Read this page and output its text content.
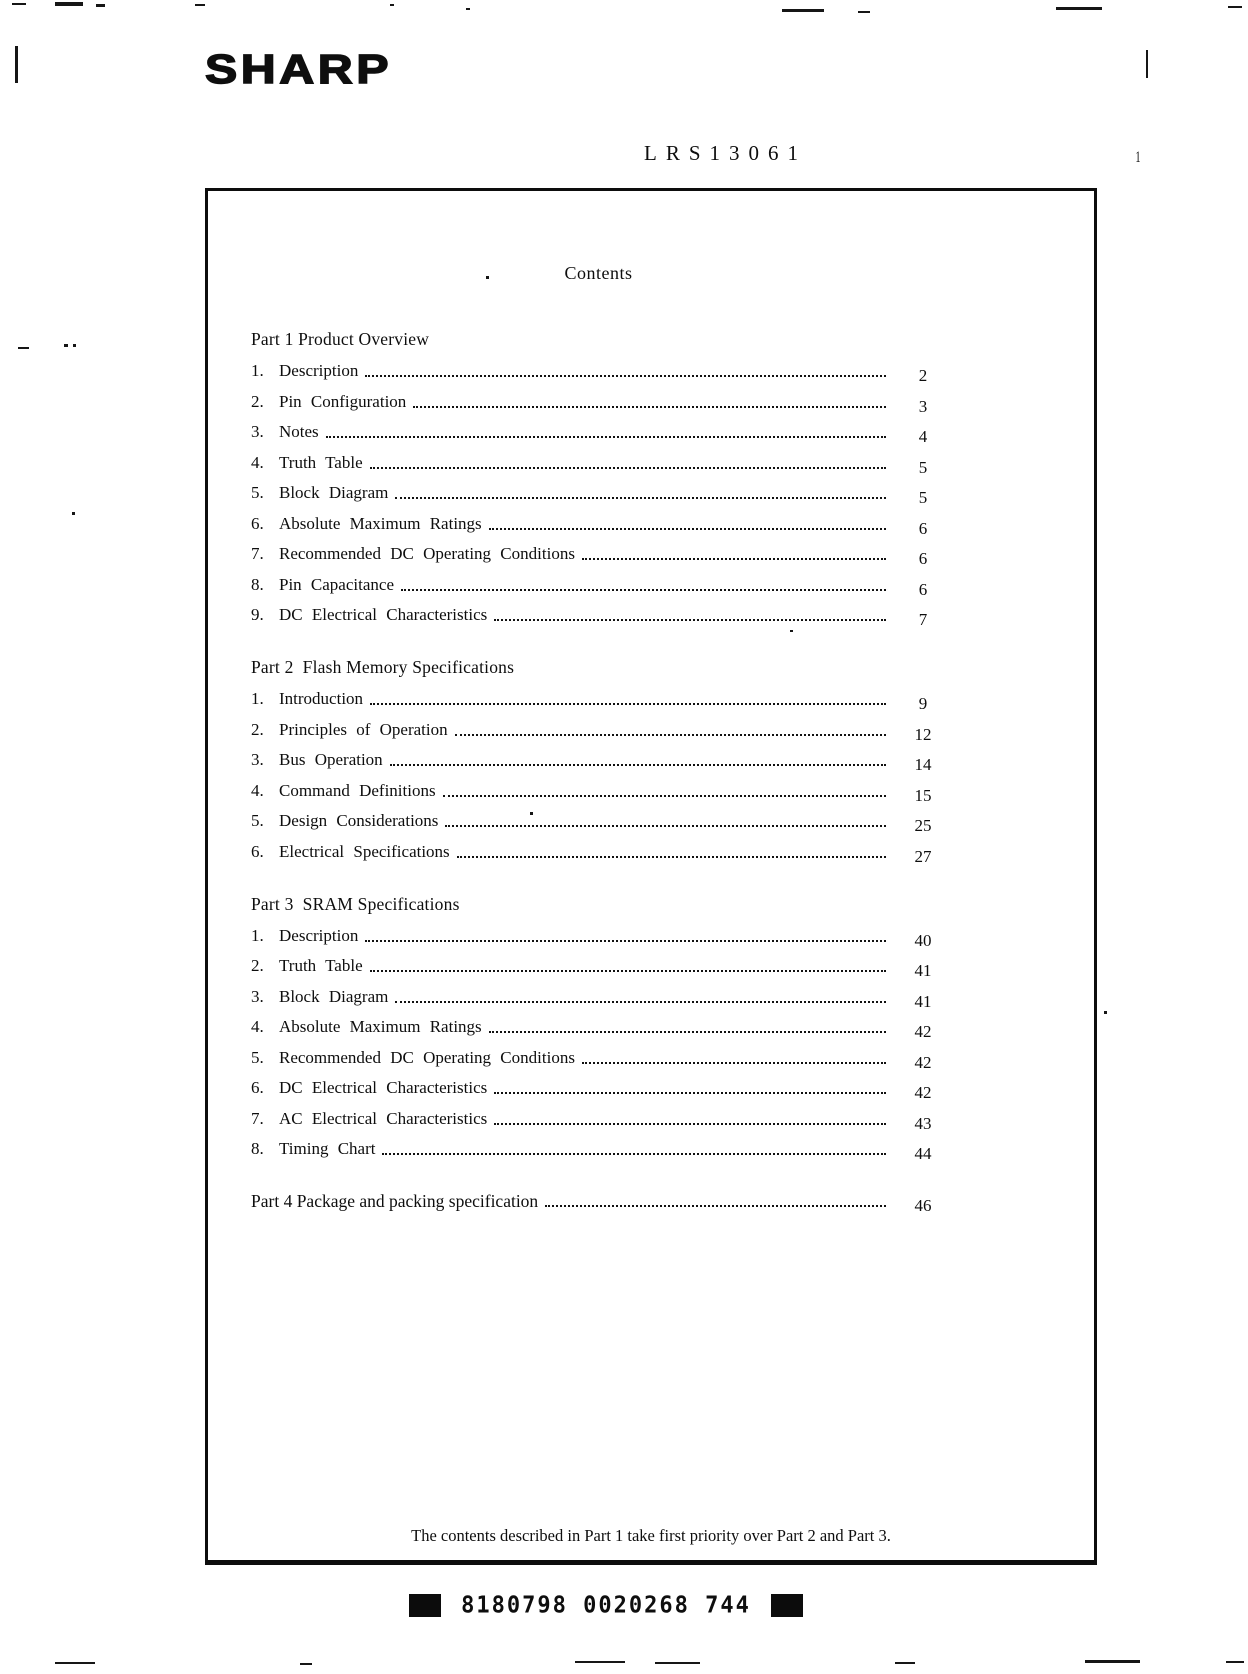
SHARP
LRS13061	1
Contents
Part 1 Product Overview
1. Description	2
2. Pin Configuration	3
3. Notes	4
4. Truth Table	5
5. Block Diagram	5
6. Absolute Maximum Ratings	6
7. Recommended DC Operating Conditions	6
8. Pin Capacitance	6
9. DC Electrical Characteristics	7
Part 2  Flash Memory Specifications
1. Introduction	9
2. Principles of Operation	12
3. Bus Operation	14
4. Command Definitions	15
5. Design Considerations	25
6. Electrical Specifications	27
Part 3  SRAM Specifications
1. Description	40
2. Truth Table	41
3. Block Diagram	41
4. Absolute Maximum Ratings	42
5. Recommended DC Operating Conditions	42
6. DC Electrical Characteristics	42
7. AC Electrical Characteristics	43
8. Timing Chart	44
Part 4 Package and packing specification	46
The contents described in Part 1 take first priority over Part 2 and Part 3.
8180798 0020268 744
